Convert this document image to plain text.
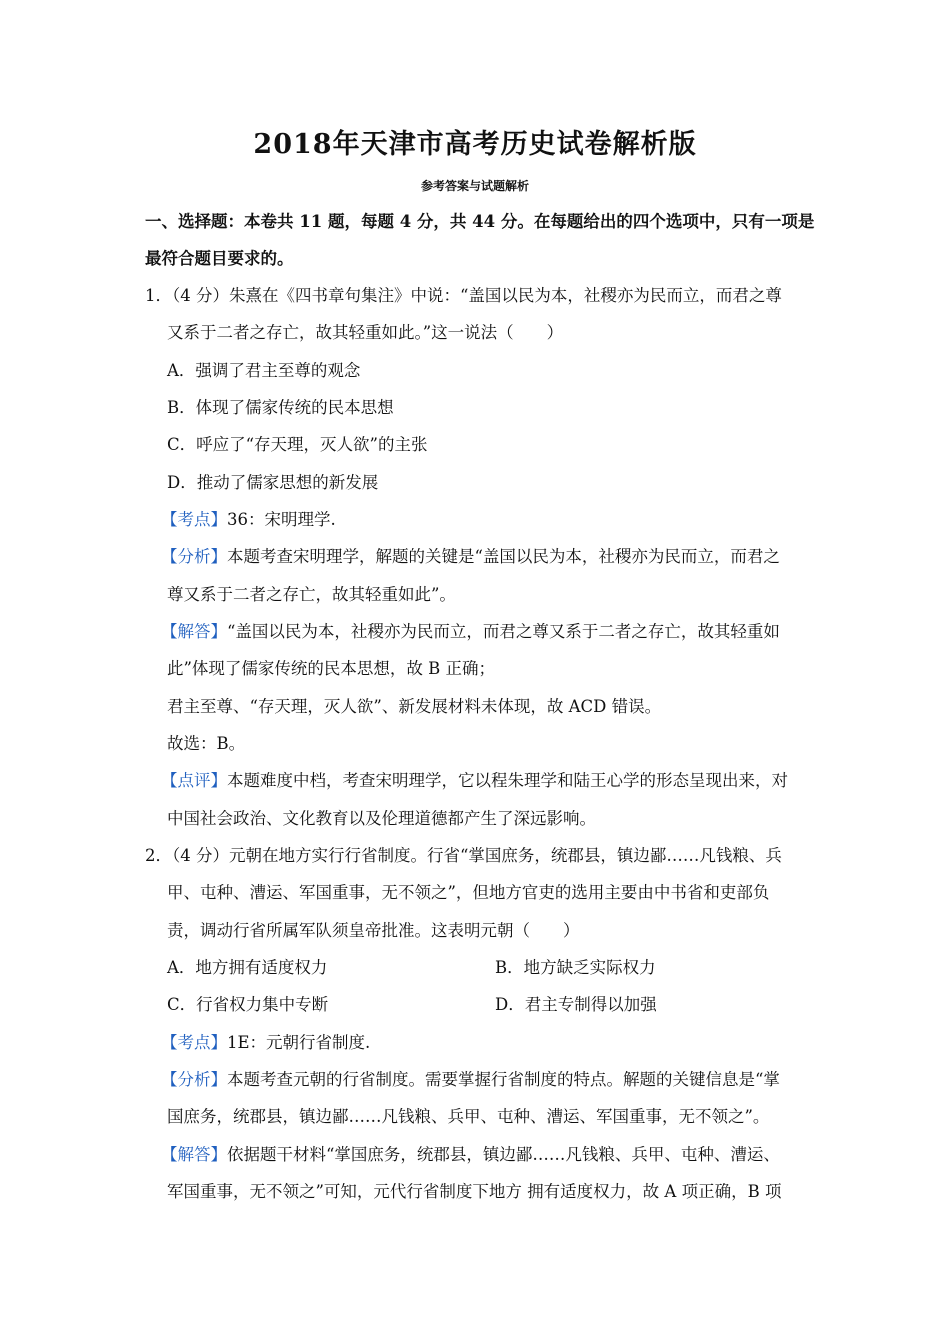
2018年天津市高考历史试卷解析版
参考答案与试题解析
一、选择题：本卷共 11 题，每题 4 分，共 44 分。在每题给出的四个选项中，只有一项是
最符合题目要求的。
1．（4 分）朱熹在《四书章句集注》中说：“盖国以民为本，社稷亦为民而立，而君之尊
又系于二者之存亡，故其轻重如此。”这一说法（　　）
A．强调了君主至尊的观念
B．体现了儒家传统的民本思想
C．呼应了“存天理，灭人欲”的主张
D．推动了儒家思想的新发展
【考点】36：宋明理学.
【分析】本题考查宋明理学，解题的关键是“盖国以民为本，社稷亦为民而立，而君之
尊又系于二者之存亡，故其轻重如此”。
【解答】“盖国以民为本，社稷亦为民而立，而君之尊又系于二者之存亡，故其轻重如
此”体现了儒家传统的民本思想，故 B 正确；
君主至尊、“存天理，灭人欲”、新发展材料未体现，故 ACD 错误。
故选：B。
【点评】本题难度中档，考查宋明理学，它以程朱理学和陆王心学的形态呈现出来，对
中国社会政治、文化教育以及伦理道德都产生了深远影响。
2．（4 分）元朝在地方实行行省制度。行省“掌国庶务，统郡县，镇边鄙……凡钱粮、兵
甲、屯种、漕运、军国重事，无不领之”，但地方官吏的选用主要由中书省和吏部负
责，调动行省所属军队须皇帝批准。这表明元朝（　　）
A．地方拥有适度权力	B．地方缺乏实际权力
C．行省权力集中专断	D．君主专制得以加强
【考点】1E：元朝行省制度.
【分析】本题考查元朝的行省制度。需要掌握行省制度的特点。解题的关键信息是“掌
国庶务，统郡县，镇边鄙……凡钱粮、兵甲、屯种、漕运、军国重事，无不领之”。
【解答】依据题干材料“掌国庶务，统郡县，镇边鄙……凡钱粮、兵甲、屯种、漕运、
军国重事，无不领之”可知，元代行省制度下地方 拥有适度权力，故 A 项正确，B 项
